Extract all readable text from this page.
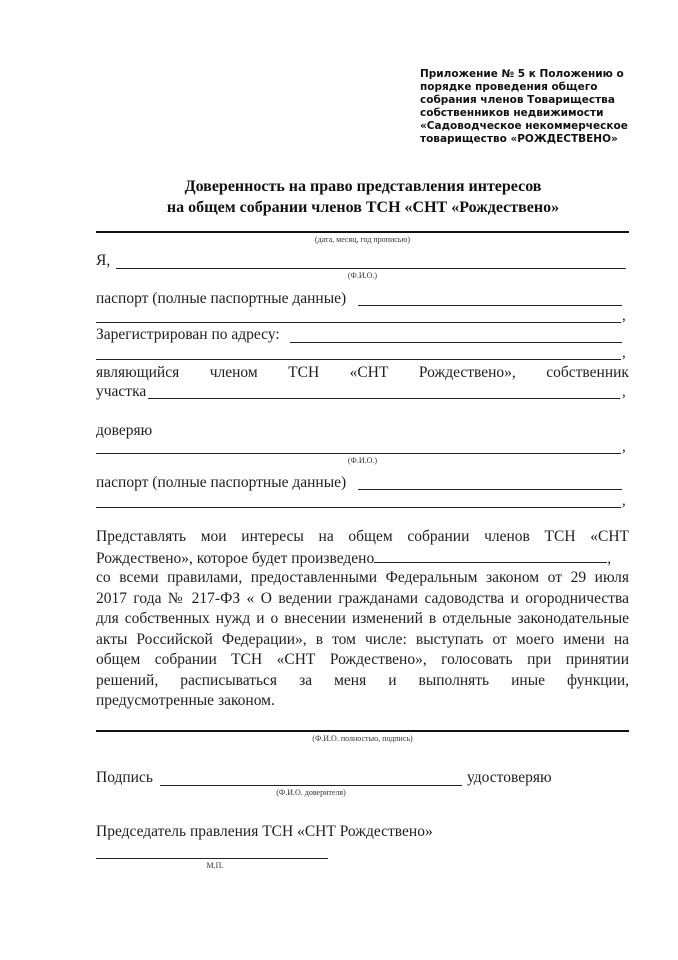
Приложение № 5 к Положению о
порядке проведения общего
собрания членов Товарищества
собственников недвижимости
«Садоводческое некоммерческое
товарищество «РОЖДЕСТВЕНО»
Доверенность на право представления интересов
на общем собрании членов ТСН «СНТ «Рождествено»
(дата, месяц, год прописью)
Я,
(Ф.И.О.)
паспорт (полные паспортные данные)
,
Зарегистрирован по адресу:
,
являющийся членом ТСН «СНТ Рождествено», собственник
участка	,
доверяю
,
(Ф.И.О.)
паспорт (полные паспортные данные)
,
Представлять мои интересы на общем собрании членов ТСН «СНТ
Рождествено», которое будет произведено	,
со всеми правилами, предоставленными Федеральным законом от 29 июля
2017 года № 217-ФЗ « О ведении гражданами садоводства и огородничества
для собственных нужд и о внесении изменений в отдельные законодательные
акты Российской Федерации», в том числе: выступать от моего имени на
общем собрании ТСН «СНТ Рождествено», голосовать при принятии
решений, расписываться за меня и выполнять иные функции,
предусмотренные законом.
(Ф.И.О. полностью, подпись)
Подпись	удостоверяю
(Ф.И.О. доверителя)
Председатель правления ТСН «СНТ Рождествено»
М.П.
